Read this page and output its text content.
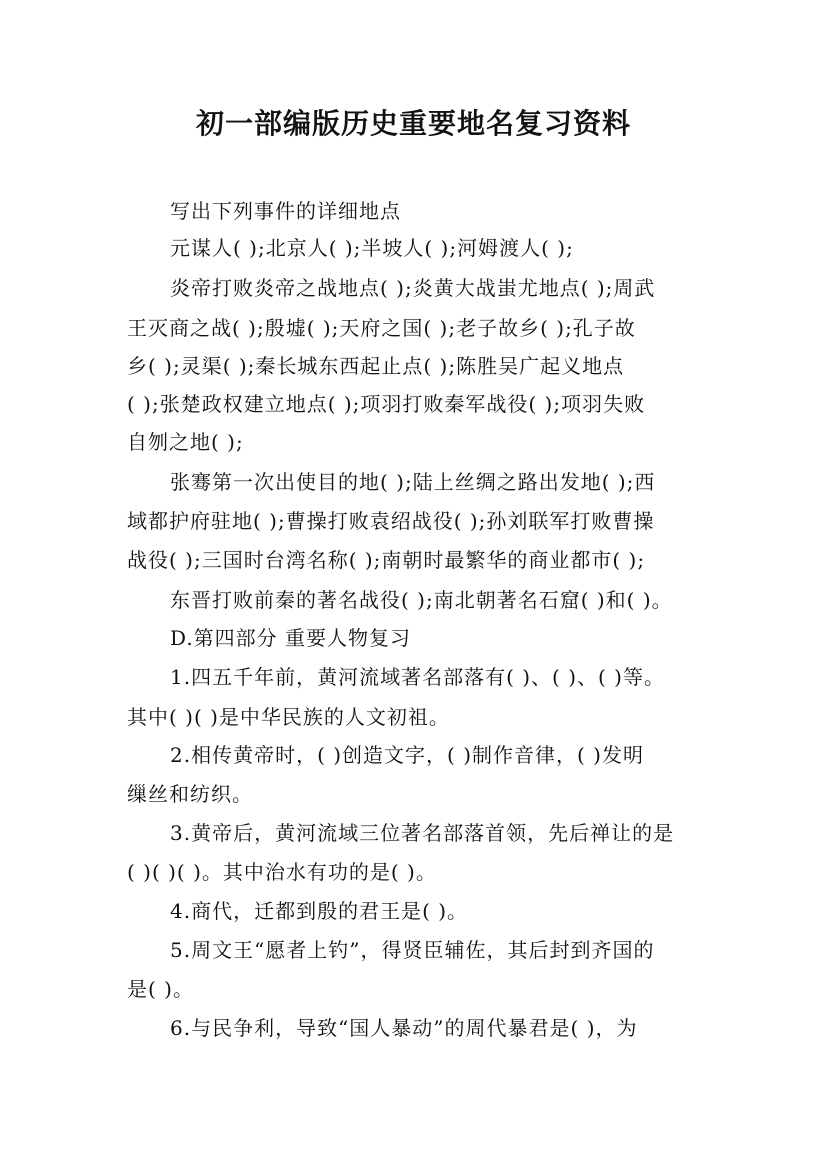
初一部编版历史重要地名复习资料
写出下列事件的详细地点
元谋人( );北京人( );半坡人( );河姆渡人( );
炎帝打败炎帝之战地点( );炎黄大战蚩尤地点( );周武
王灭商之战( );殷墟( );天府之国( );老子故乡( );孔子故
乡( );灵渠( );秦长城东西起止点( );陈胜吴广起义地点
( );张楚政权建立地点( );项羽打败秦军战役( );项羽失败
自刎之地( );
张骞第一次出使目的地( );陆上丝绸之路出发地( );西
域都护府驻地( );曹操打败袁绍战役( );孙刘联军打败曹操
战役( );三国时台湾名称( );南朝时最繁华的商业都市( );
东晋打败前秦的著名战役( );南北朝著名石窟( )和( )。
D.第四部分 重要人物复习
1.四五千年前，黄河流域著名部落有( )、( )、( )等。
其中( )( )是中华民族的人文初祖。
2.相传黄帝时，( )创造文字，( )制作音律，( )发明
缫丝和纺织。
3.黄帝后，黄河流域三位著名部落首领，先后禅让的是
( )( )( )。其中治水有功的是( )。
4.商代，迁都到殷的君王是( )。
5.周文王“愿者上钓”，得贤臣辅佐，其后封到齐国的
是( )。
6.与民争利，导致“国人暴动”的周代暴君是( )，为
